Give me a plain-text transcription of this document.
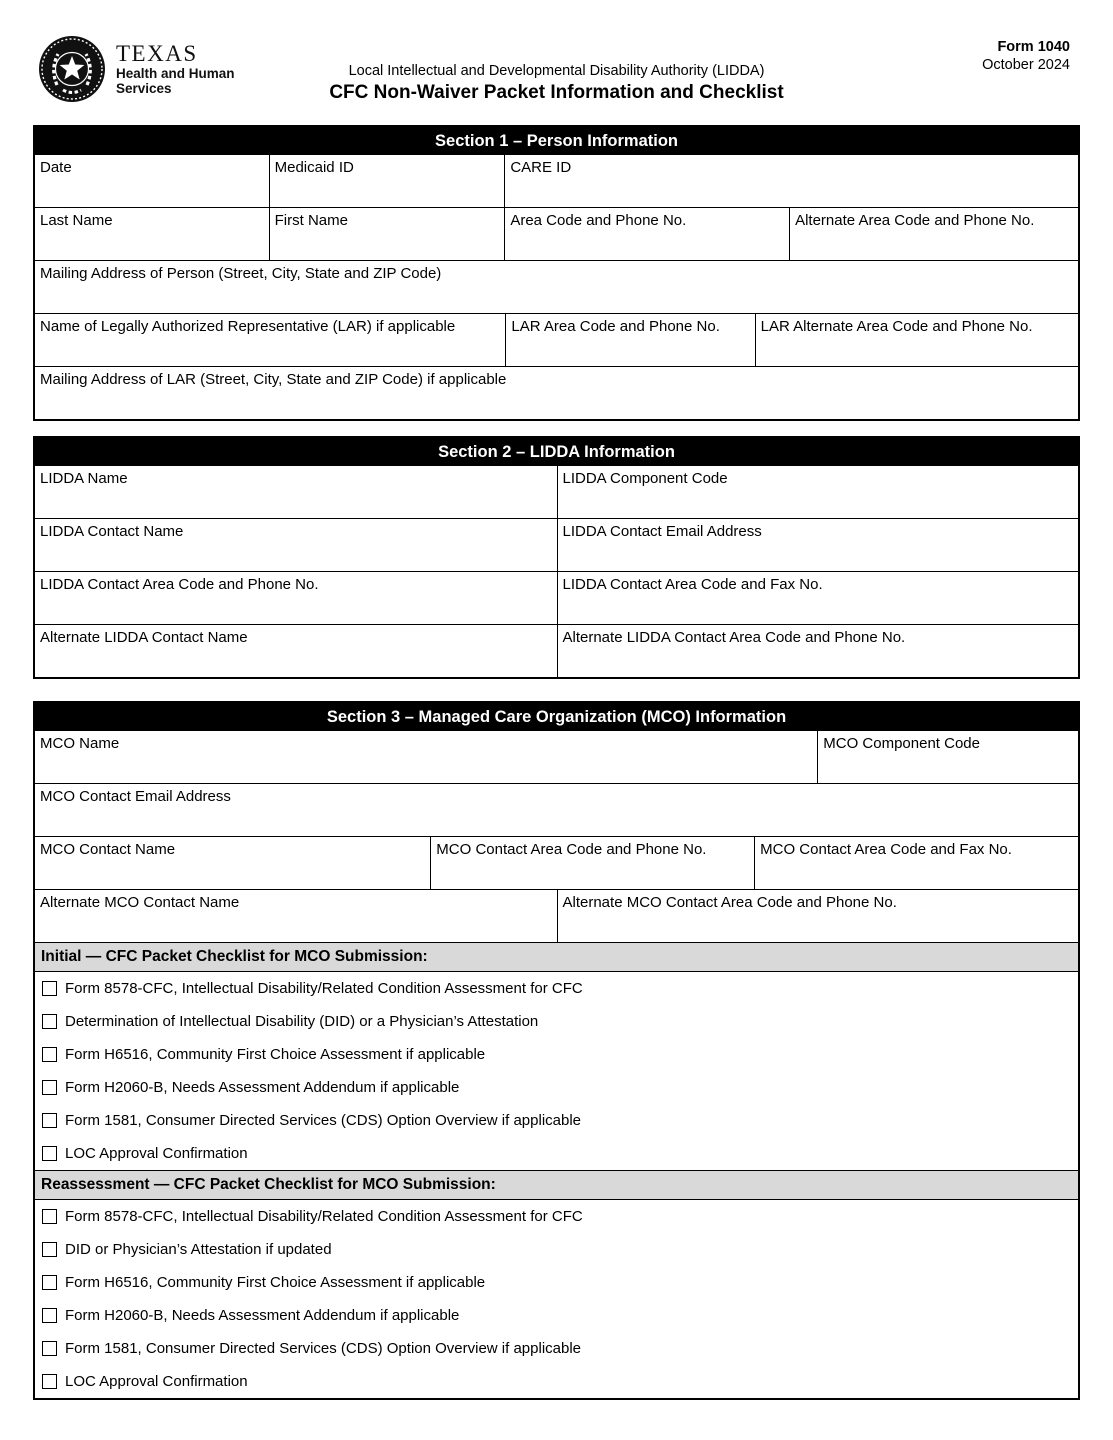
TEXAS
Health and Human
Services
Local Intellectual and Developmental Disability Authority (LIDDA)
CFC Non-Waiver Packet Information and Checklist
Form 1040
October 2024
Section 1 – Person Information
Date	Medicaid ID	CARE ID
Last Name	First Name	Area Code and Phone No.	Alternate Area Code and Phone No.
Mailing Address of Person (Street, City, State and ZIP Code)
Name of Legally Authorized Representative (LAR) if applicable	LAR Area Code and Phone No.	LAR Alternate Area Code and Phone No.
Mailing Address of LAR (Street, City, State and ZIP Code) if applicable
Section 2 – LIDDA Information
LIDDA Name	LIDDA Component Code
LIDDA Contact Name	LIDDA Contact Email Address
LIDDA Contact Area Code and Phone No.	LIDDA Contact Area Code and Fax No.
Alternate LIDDA Contact Name	Alternate LIDDA Contact Area Code and Phone No.
Section 3 – Managed Care Organization (MCO) Information
MCO Name	MCO Component Code
MCO Contact Email Address
MCO Contact Name	MCO Contact Area Code and Phone No.	MCO Contact Area Code and Fax No.
Alternate MCO Contact Name	Alternate MCO Contact Area Code and Phone No.
Initial — CFC Packet Checklist for MCO Submission:
Form 8578-CFC, Intellectual Disability/Related Condition Assessment for CFC
Determination of Intellectual Disability (DID) or a Physician’s Attestation
Form H6516, Community First Choice Assessment if applicable
Form H2060-B, Needs Assessment Addendum if applicable
Form 1581, Consumer Directed Services (CDS) Option Overview if applicable
LOC Approval Confirmation
Reassessment — CFC Packet Checklist for MCO Submission:
Form 8578-CFC, Intellectual Disability/Related Condition Assessment for CFC
DID or Physician’s Attestation if updated
Form H6516, Community First Choice Assessment if applicable
Form H2060-B, Needs Assessment Addendum if applicable
Form 1581, Consumer Directed Services (CDS) Option Overview if applicable
LOC Approval Confirmation
